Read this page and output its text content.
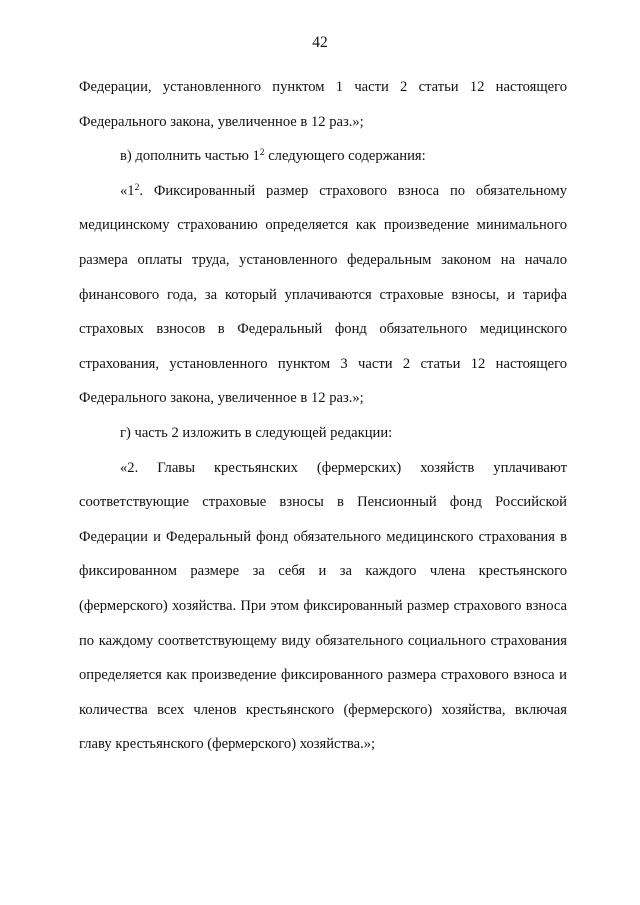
42

Федерации, установленного пунктом 1 части 2 статьи 12 настоящего Федерального закона, увеличенное в 12 раз.»;

в) дополнить частью $1^2$ следующего содержания:

«$1^2$. Фиксированный размер страхового взноса по обязательному медицинскому страхованию определяется как произведение минимального размера оплаты труда, установленного федеральным законом на начало финансового года, за который уплачиваются страховые взносы, и тарифа страховых взносов в Федеральный фонд обязательного медицинского страхования, установленного пунктом 3 части 2 статьи 12 настоящего Федерального закона, увеличенное в 12 раз.»;

г) часть 2 изложить в следующей редакции:

«2. Главы крестьянских (фермерских) хозяйств уплачивают соответствующие страховые взносы в Пенсионный фонд Российской Федерации и Федеральный фонд обязательного медицинского страхования в фиксированном размере за себя и за каждого члена крестьянского (фермерского) хозяйства. При этом фиксированный размер страхового взноса по каждому соответствующему виду обязательного социального страхования определяется как произведение фиксированного размера страхового взноса и количества всех членов крестьянского (фермерского) хозяйства, включая главу крестьянского (фермерского) хозяйства.»;
